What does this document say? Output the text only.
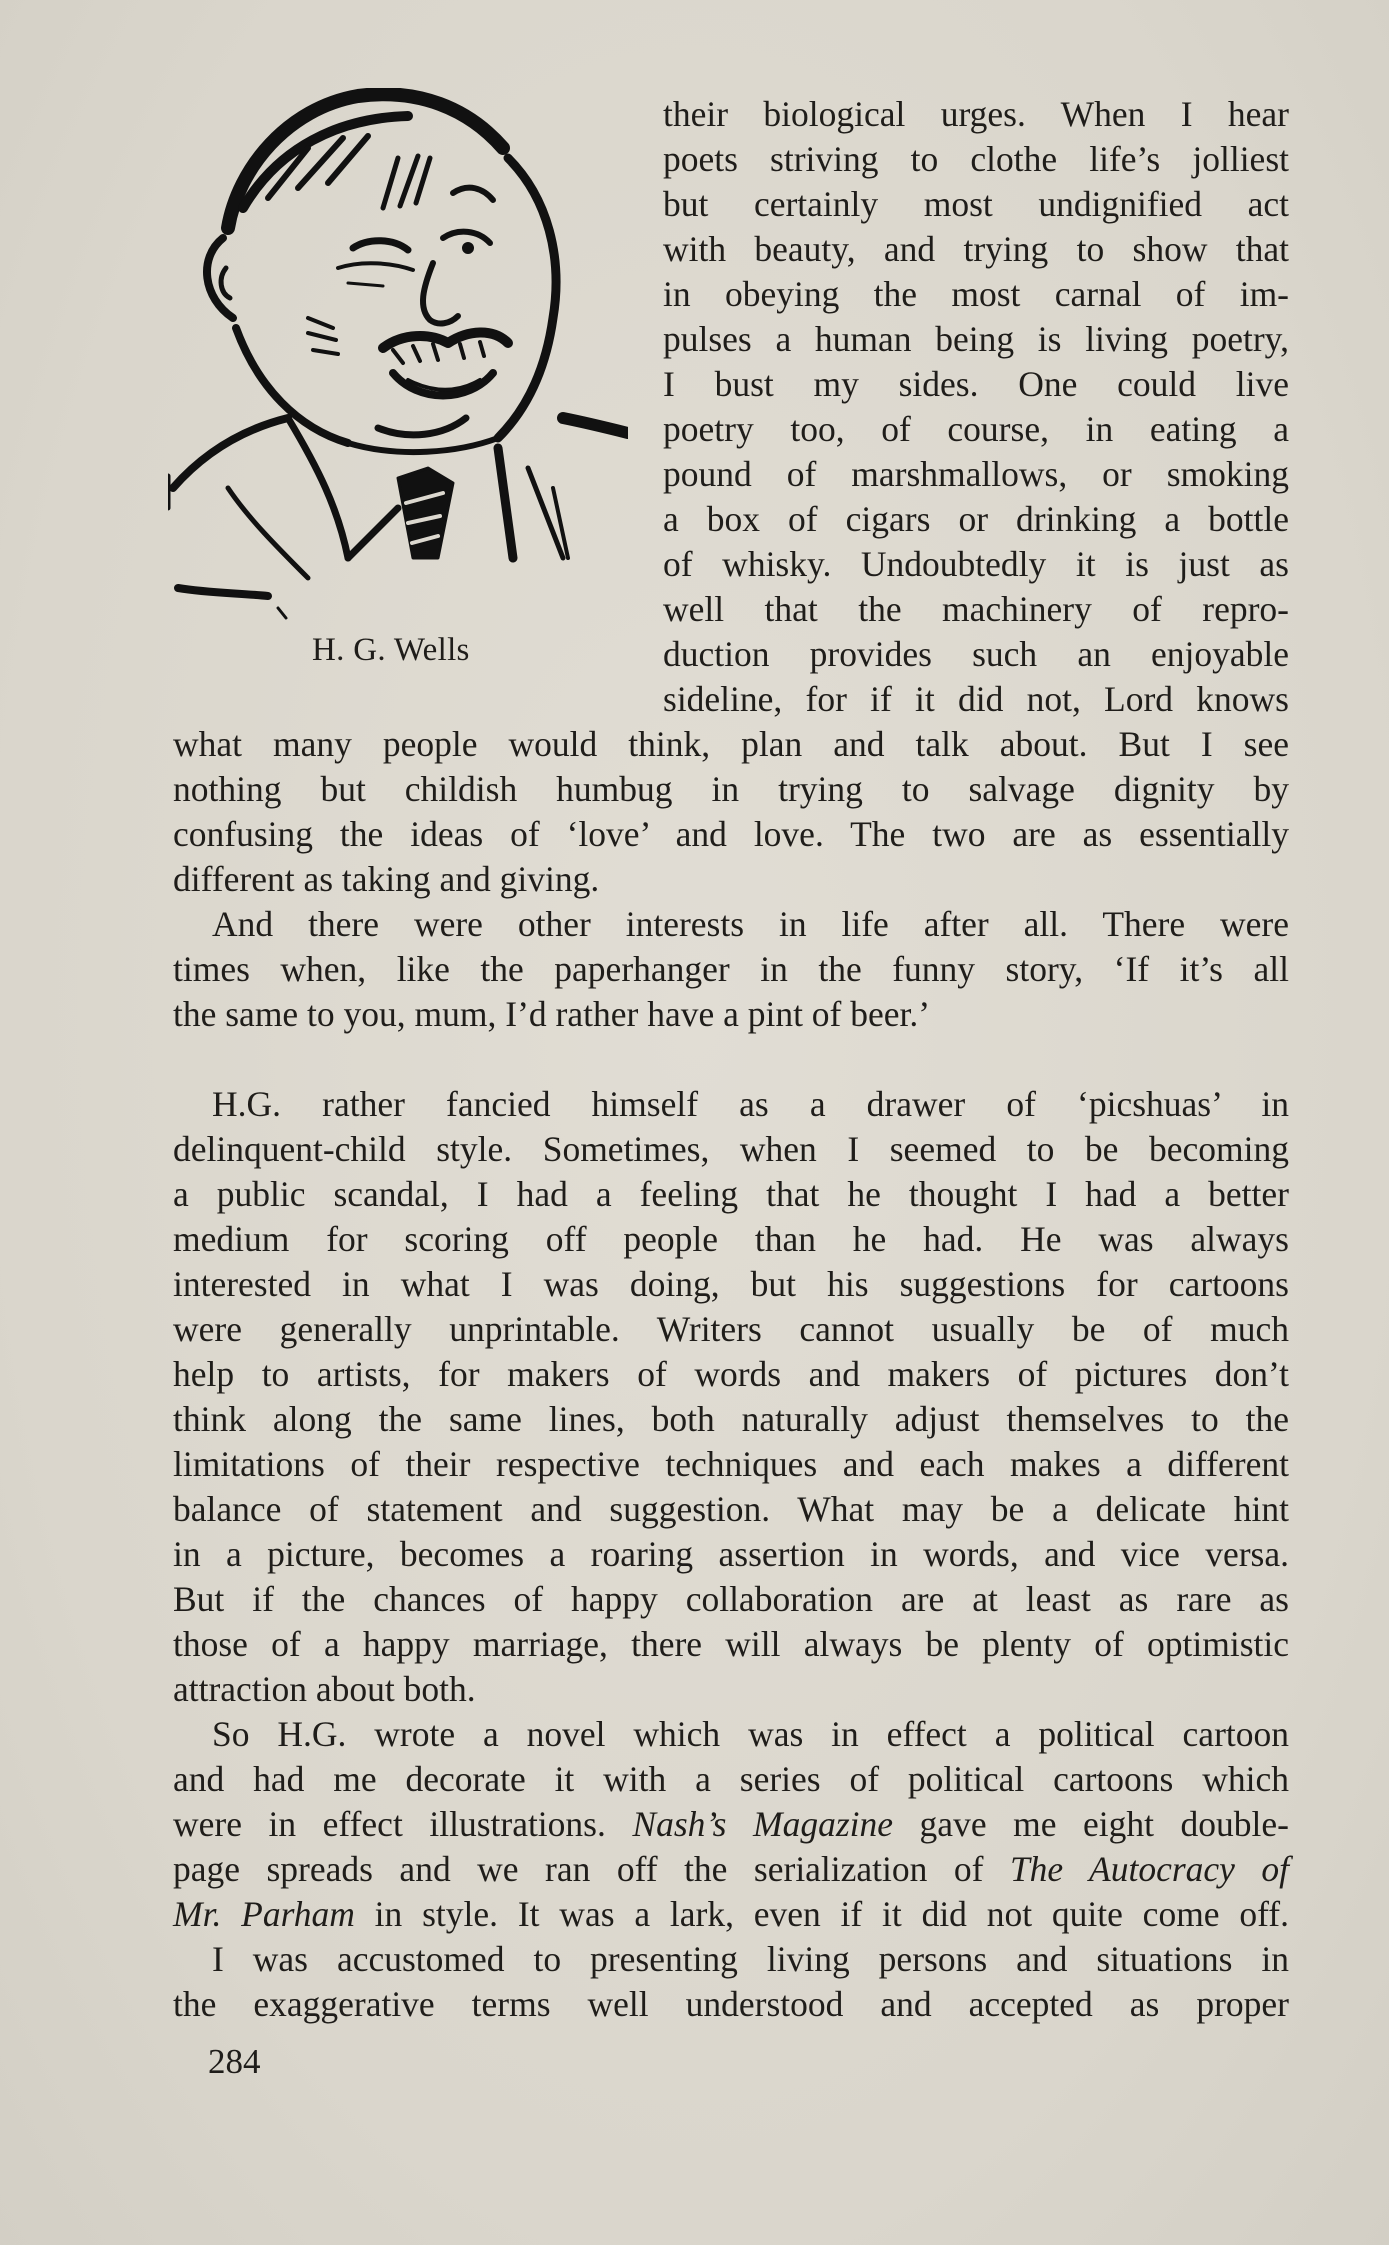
H. G. Wells
their biological urges. When I hear
poets striving to clothe life’s jolliest
but certainly most undignified act
with beauty, and trying to show that
in obeying the most carnal of im-
pulses a human being is living poetry,
I bust my sides. One could live
poetry too, of course, in eating a
pound of marshmallows, or smoking
a box of cigars or drinking a bottle
of whisky. Undoubtedly it is just as
well that the machinery of repro-
duction provides such an enjoyable
sideline, for if it did not, Lord knows
what many people would think, plan and talk about. But I see
nothing but childish humbug in trying to salvage dignity by
confusing the ideas of ‘love’ and love. The two are as essentially
different as taking and giving.
And there were other interests in life after all. There were
times when, like the paperhanger in the funny story, ‘If it’s all
the same to you, mum, I’d rather have a pint of beer.’
H.G. rather fancied himself as a drawer of ‘picshuas’ in
delinquent-child style. Sometimes, when I seemed to be becoming
a public scandal, I had a feeling that he thought I had a better
medium for scoring off people than he had. He was always
interested in what I was doing, but his suggestions for cartoons
were generally unprintable. Writers cannot usually be of much
help to artists, for makers of words and makers of pictures don’t
think along the same lines, both naturally adjust themselves to the
limitations of their respective techniques and each makes a different
balance of statement and suggestion. What may be a delicate hint
in a picture, becomes a roaring assertion in words, and vice versa.
But if the chances of happy collaboration are at least as rare as
those of a happy marriage, there will always be plenty of optimistic
attraction about both.
So H.G. wrote a novel which was in effect a political cartoon
and had me decorate it with a series of political cartoons which
were in effect illustrations. Nash’s Magazine gave me eight double-
page spreads and we ran off the serialization of The Autocracy of
Mr. Parham in style. It was a lark, even if it did not quite come off.
I was accustomed to presenting living persons and situations in
the exaggerative terms well understood and accepted as proper
284
